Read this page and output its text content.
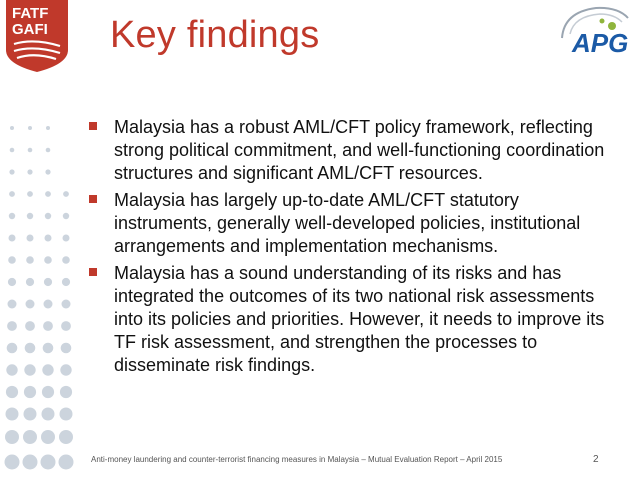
FATF
GAFI	APG
Key findings
Malaysia has a robust AML/CFT policy framework, reflecting strong political commitment, and well-functioning coordination structures and significant AML/CFT resources.
Malaysia has largely up-to-date AML/CFT statutory instruments, generally well-developed policies, institutional arrangements and implementation mechanisms.
Malaysia has a sound understanding of its risks and has integrated the outcomes of its two national risk assessments into its policies and priorities. However, it needs to improve its TF risk assessment, and strengthen the processes to disseminate risk findings.
Anti-money laundering and counter-terrorist financing measures in Malaysia – Mutual Evaluation Report – April 2015	2
